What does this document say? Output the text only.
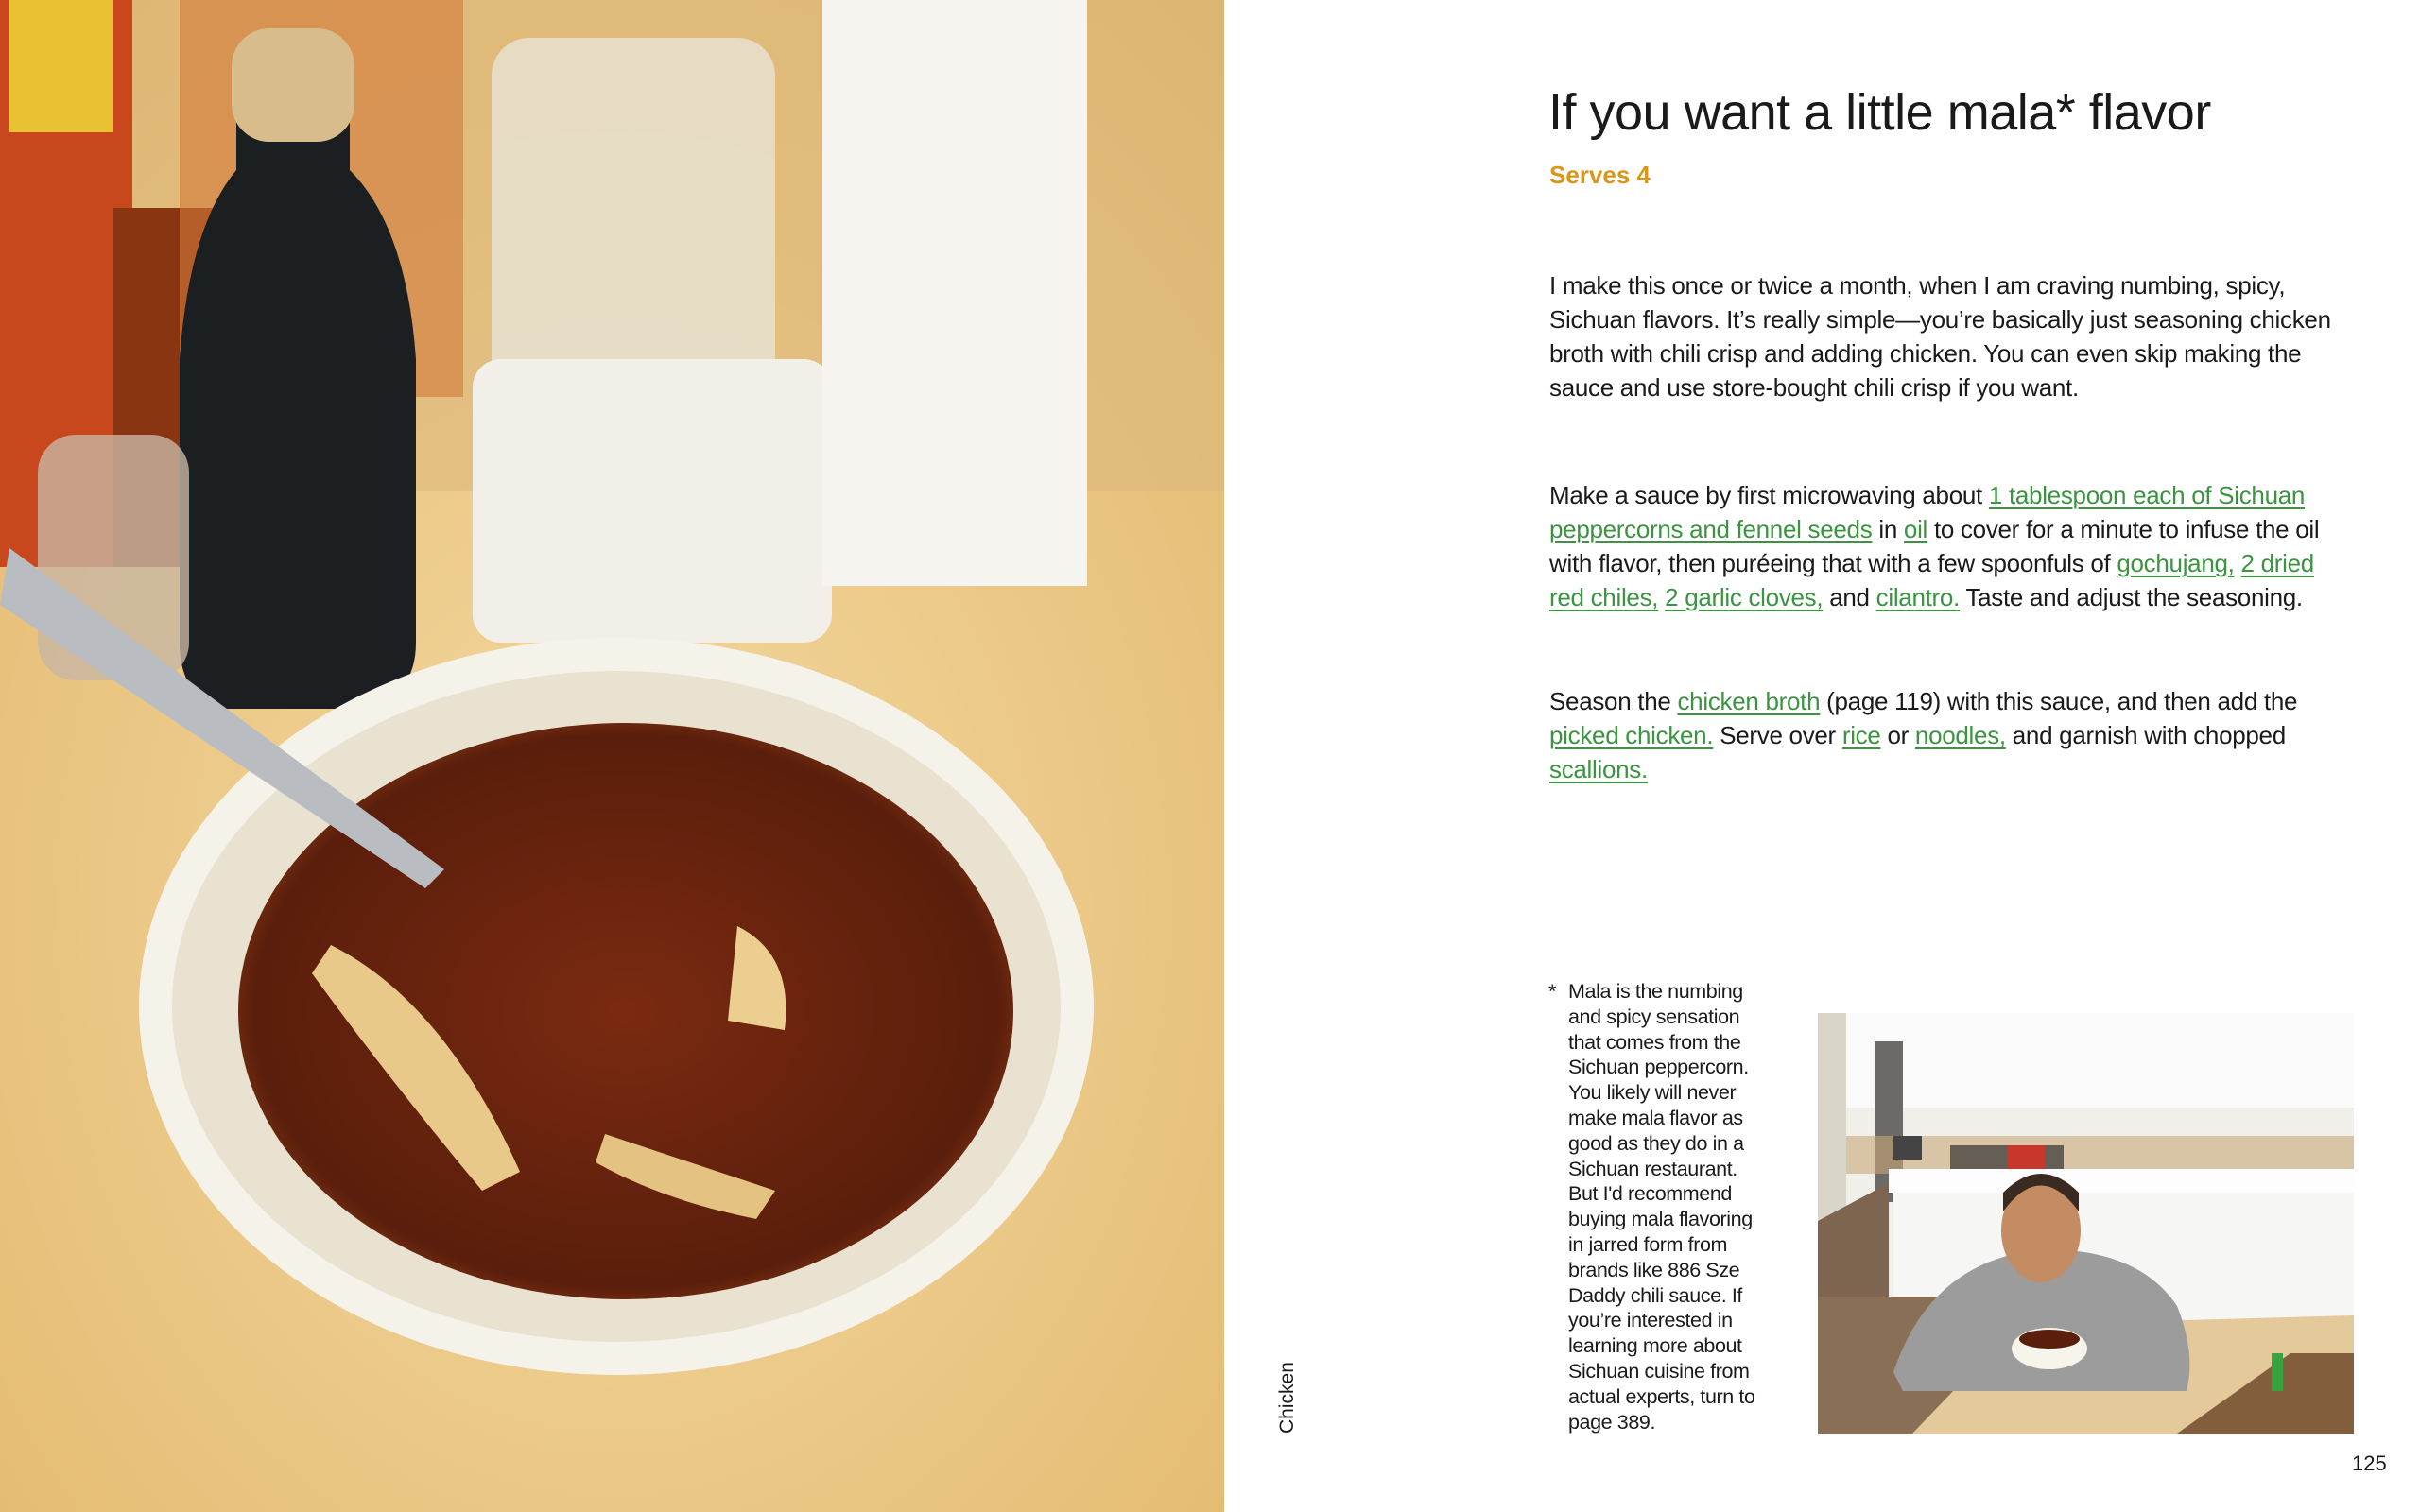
If you want a little mala* flavor
Serves 4

I make this once or twice a month, when I am craving numbing, spicy, Sichuan flavors. It’s really simple—you’re basically just seasoning chicken broth with chili crisp and adding chicken. You can even skip making the sauce and use store-bought chili crisp if you want.

Make a sauce by first microwaving about 1 tablespoon each of Sichuan peppercorns and fennel seeds in oil to cover for a minute to infuse the oil with flavor, then puréeing that with a few spoonfuls of gochujang, 2 dried red chiles, 2 garlic cloves, and cilantro. Taste and adjust the seasoning.

Season the chicken broth (page 119) with this sauce, and then add the picked chicken. Serve over rice or noodles, and garnish with chopped scallions.

* Mala is the numbing
and spicy sensation
that comes from the
Sichuan peppercorn.
You likely will never
make mala flavor as
good as they do in a
Sichuan restaurant.
But I'd recommend
buying mala flavoring
in jarred form from
brands like 886 Sze
Daddy chili sauce. If
you’re interested in
learning more about
Sichuan cuisine from
actual experts, turn to
page 389.
Chicken
125
